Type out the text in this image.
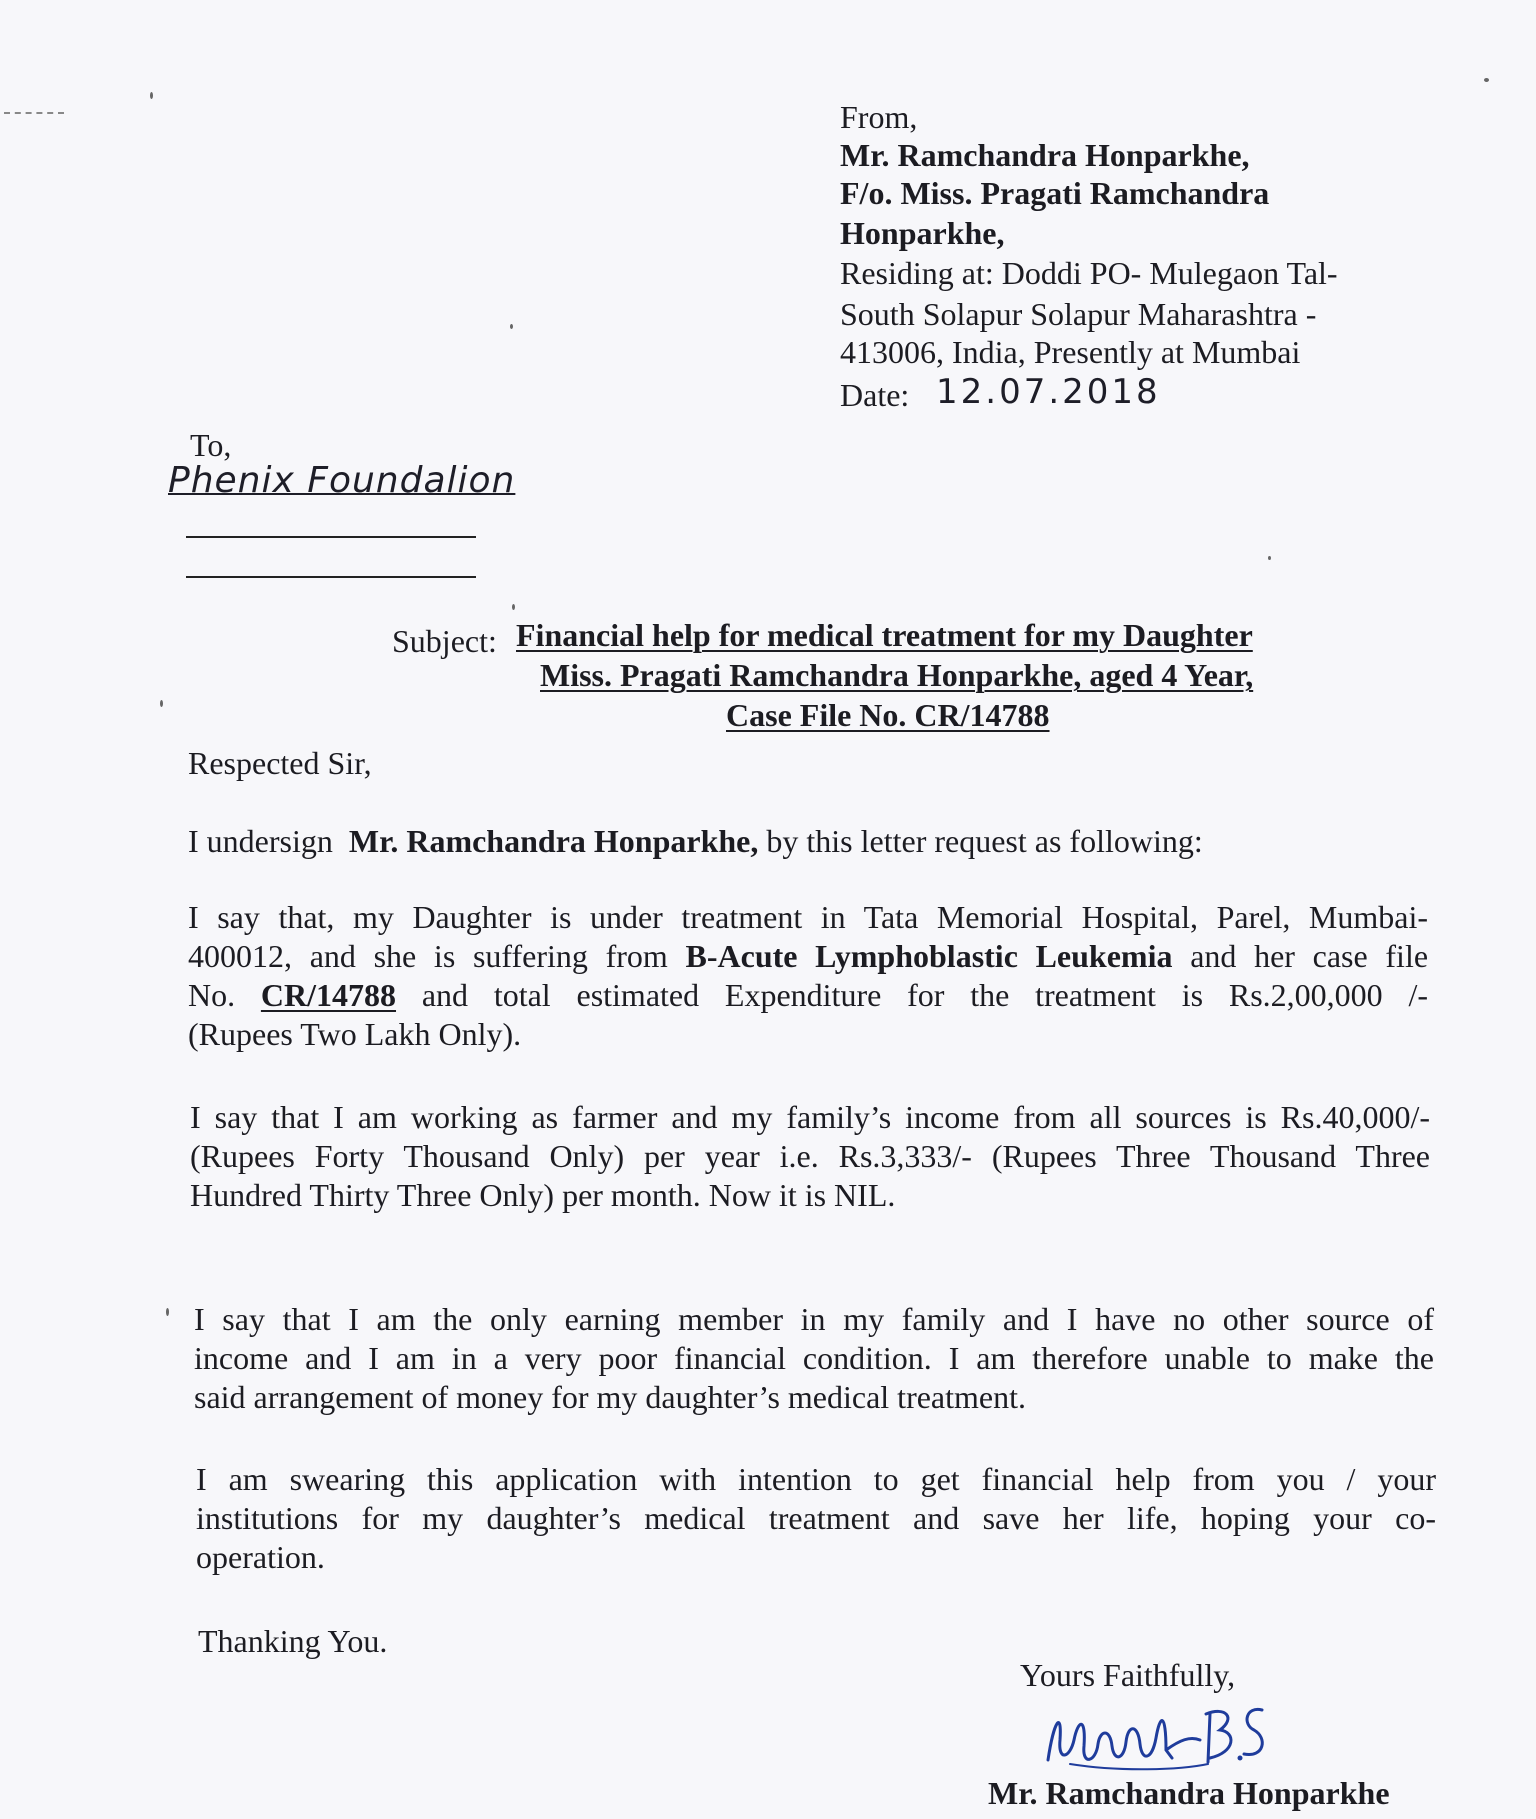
From,
Mr. Ramchandra Honparkhe,
F/o. Miss. Pragati Ramchandra
Honparkhe,
Residing at: Doddi PO- Mulegaon Tal-
South Solapur Solapur Maharashtra -
413006, India, Presently at Mumbai
Date: 12.07.2018
To,
Phenix Foundalion
Subject: Financial help for medical treatment for my Daughter
Miss. Pragati Ramchandra Honparkhe, aged 4 Year,
Case File No. CR/14788
Respected Sir,
I undersign Mr. Ramchandra Honparkhe, by this letter request as following:
I say that, my Daughter is under treatment in Tata Memorial Hospital, Parel, Mumbai-
400012, and she is suffering from B-Acute Lymphoblastic Leukemia and her case file
No. CR/14788 and total estimated Expenditure for the treatment is Rs.2,00,000 /-
(Rupees Two Lakh Only).
I say that I am working as farmer and my family’s income from all sources is Rs.40,000/-
(Rupees Forty Thousand Only) per year i.e. Rs.3,333/- (Rupees Three Thousand Three
Hundred Thirty Three Only) per month. Now it is NIL.
I say that I am the only earning member in my family and I have no other source of
income and I am in a very poor financial condition. I am therefore unable to make the
said arrangement of money for my daughter’s medical treatment.
I am swearing this application with intention to get financial help from you / your
institutions for my daughter’s medical treatment and save her life, hoping your co-
operation.
Thanking You.
Yours Faithfully,
Mr. Ramchandra Honparkhe
